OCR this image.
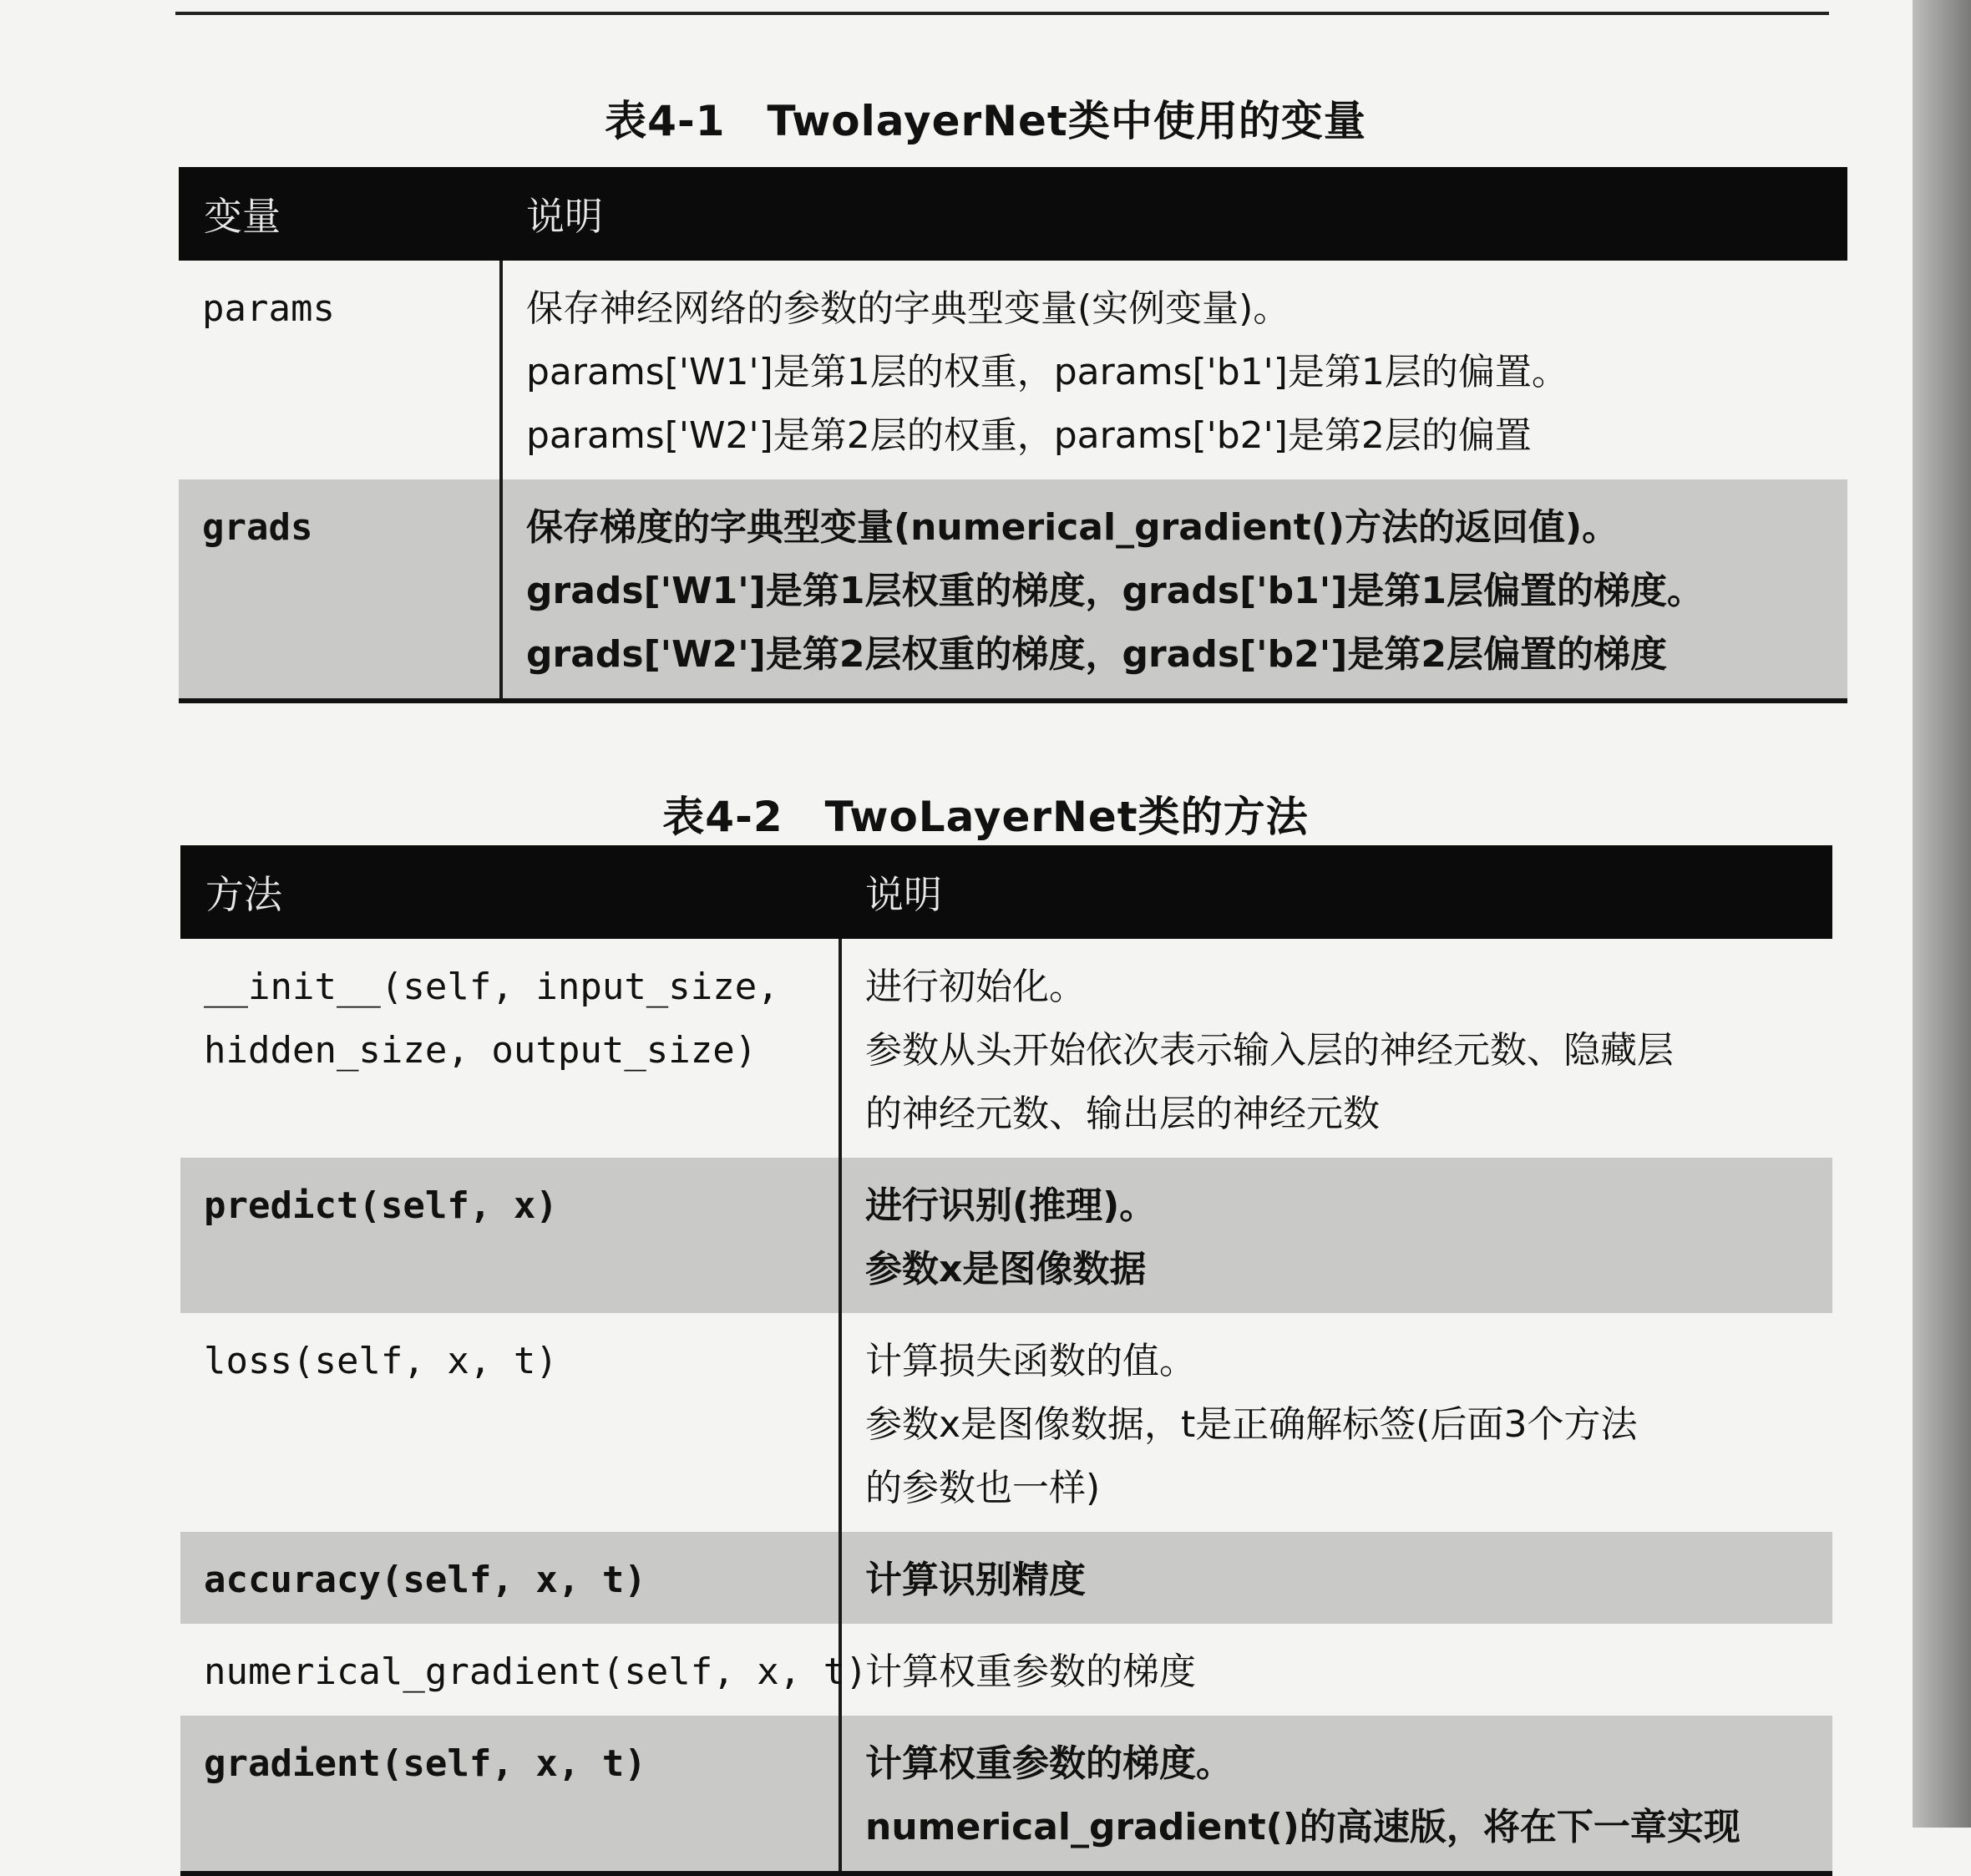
表4-1 TwolayerNet类中使用的变量
变量	说明
params	保存神经网络的参数的字典型变量(实例变量)。
params['W1']是第1层的权重，params['b1']是第1层的偏置。
params['W2']是第2层的权重，params['b2']是第2层的偏置

grads	保存梯度的字典型变量(numerical_gradient()方法的返回值)。
grads['W1']是第1层权重的梯度，grads['b1']是第1层偏置的梯度。
grads['W2']是第2层权重的梯度，grads['b2']是第2层偏置的梯度
表4-2 TwoLayerNet类的方法
方法	说明

__init__(self, input_size,
hidden_size, output_size)	进行初始化。
参数从头开始依次表示输入层的神经元数、隐藏层
的神经元数、输出层的神经元数

predict(self, x)	进行识别(推理)。
参数x是图像数据

loss(self, x, t)	计算损失函数的值。
参数x是图像数据，t是正确解标签(后面3个方法
的参数也一样)

accuracy(self, x, t)	计算识别精度

numerical_gradient(self, x, t)	计算权重参数的梯度

gradient(self, x, t)	计算权重参数的梯度。
numerical_gradient()的高速版，将在下一章实现
